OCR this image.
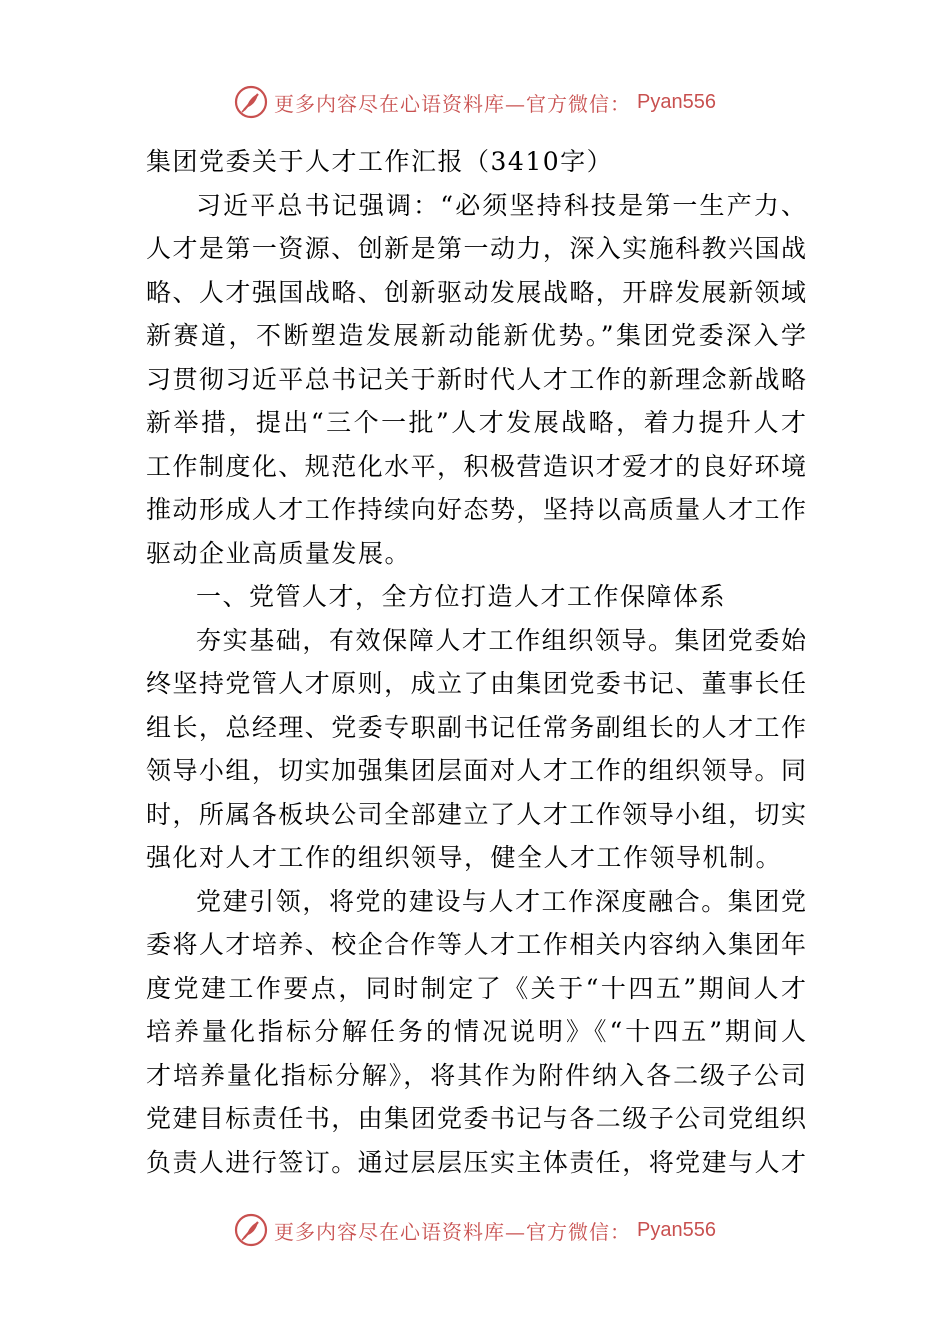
更多内容尽在心语资料库—官方微信： Pyan556
集团党委关于人才工作汇报（3410字）
习近平总书记强调：“必须坚持科技是第一生产力、
人才是第一资源、创新是第一动力，深入实施科教兴国战
略、人才强国战略、创新驱动发展战略，开辟发展新领域
新赛道，不断塑造发展新动能新优势。”集团党委深入学
习贯彻习近平总书记关于新时代人才工作的新理念新战略
新举措，提出“三个一批”人才发展战略，着力提升人才
工作制度化、规范化水平，积极营造识才爱才的良好环境
推动形成人才工作持续向好态势，坚持以高质量人才工作
驱动企业高质量发展。
一、党管人才，全方位打造人才工作保障体系
夯实基础，有效保障人才工作组织领导。集团党委始
终坚持党管人才原则，成立了由集团党委书记、董事长任
组长，总经理、党委专职副书记任常务副组长的人才工作
领导小组，切实加强集团层面对人才工作的组织领导。同
时，所属各板块公司全部建立了人才工作领导小组，切实
强化对人才工作的组织领导，健全人才工作领导机制。
党建引领，将党的建设与人才工作深度融合。集团党
委将人才培养、校企合作等人才工作相关内容纳入集团年
度党建工作要点，同时制定了《关于“十四五”期间人才
培养量化指标分解任务的情况说明》《“十四五”期间人
才培养量化指标分解》，将其作为附件纳入各二级子公司
党建目标责任书，由集团党委书记与各二级子公司党组织
负责人进行签订。通过层层压实主体责任，将党建与人才
更多内容尽在心语资料库—官方微信： Pyan556
